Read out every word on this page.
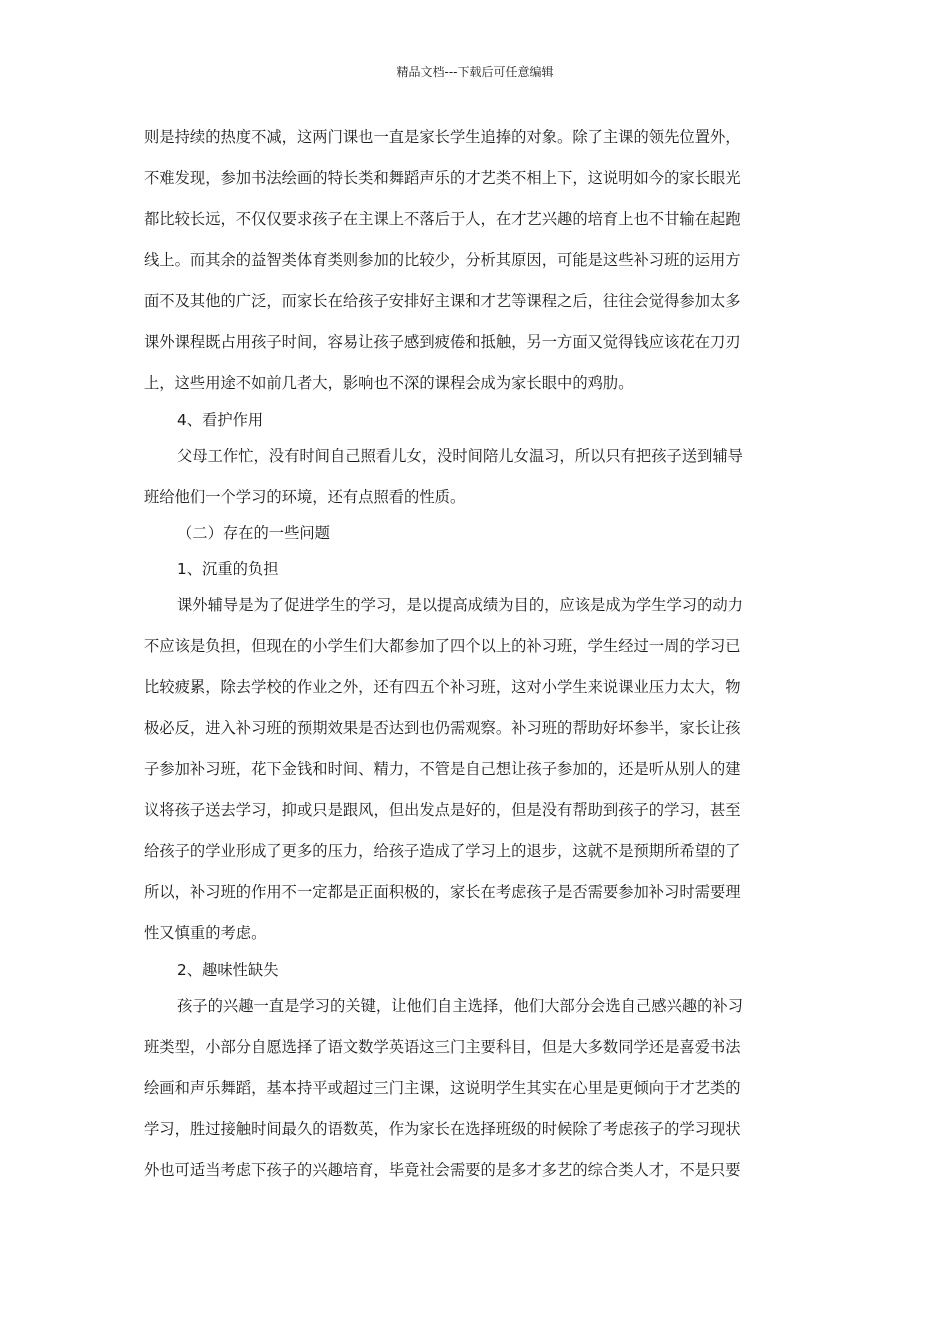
精品文档---下载后可任意编辑
则是持续的热度不减，这两门课也一直是家长学生追捧的对象。除了主课的领先位置外，
不难发现，参加书法绘画的特长类和舞蹈声乐的才艺类不相上下，这说明如今的家长眼光
都比较长远，不仅仅要求孩子在主课上不落后于人，在才艺兴趣的培育上也不甘输在起跑
线上。而其余的益智类体育类则参加的比较少，分析其原因，可能是这些补习班的运用方
面不及其他的广泛，而家长在给孩子安排好主课和才艺等课程之后，往往会觉得参加太多
课外课程既占用孩子时间，容易让孩子感到疲倦和抵触，另一方面又觉得钱应该花在刀刃
上，这些用途不如前几者大，影响也不深的课程会成为家长眼中的鸡肋。
4、看护作用
父母工作忙，没有时间自己照看儿女，没时间陪儿女温习，所以只有把孩子送到辅导
班给他们一个学习的环境，还有点照看的性质。
（二）存在的一些问题
1、沉重的负担
课外辅导是为了促进学生的学习，是以提高成绩为目的，应该是成为学生学习的动力
不应该是负担，但现在的小学生们大都参加了四个以上的补习班，学生经过一周的学习已
比较疲累，除去学校的作业之外，还有四五个补习班，这对小学生来说课业压力太大，物
极必反，进入补习班的预期效果是否达到也仍需观察。补习班的帮助好坏参半，家长让孩
子参加补习班，花下金钱和时间、精力，不管是自己想让孩子参加的，还是听从别人的建
议将孩子送去学习，抑或只是跟风，但出发点是好的，但是没有帮助到孩子的学习，甚至
给孩子的学业形成了更多的压力，给孩子造成了学习上的退步，这就不是预期所希望的了
所以，补习班的作用不一定都是正面积极的，家长在考虑孩子是否需要参加补习时需要理
性又慎重的考虑。
2、趣味性缺失
孩子的兴趣一直是学习的关键，让他们自主选择，他们大部分会选自己感兴趣的补习
班类型，小部分自愿选择了语文数学英语这三门主要科目，但是大多数同学还是喜爱书法
绘画和声乐舞蹈，基本持平或超过三门主课，这说明学生其实在心里是更倾向于才艺类的
学习，胜过接触时间最久的语数英，作为家长在选择班级的时候除了考虑孩子的学习现状
外也可适当考虑下孩子的兴趣培育，毕竟社会需要的是多才多艺的综合类人才，不是只要
